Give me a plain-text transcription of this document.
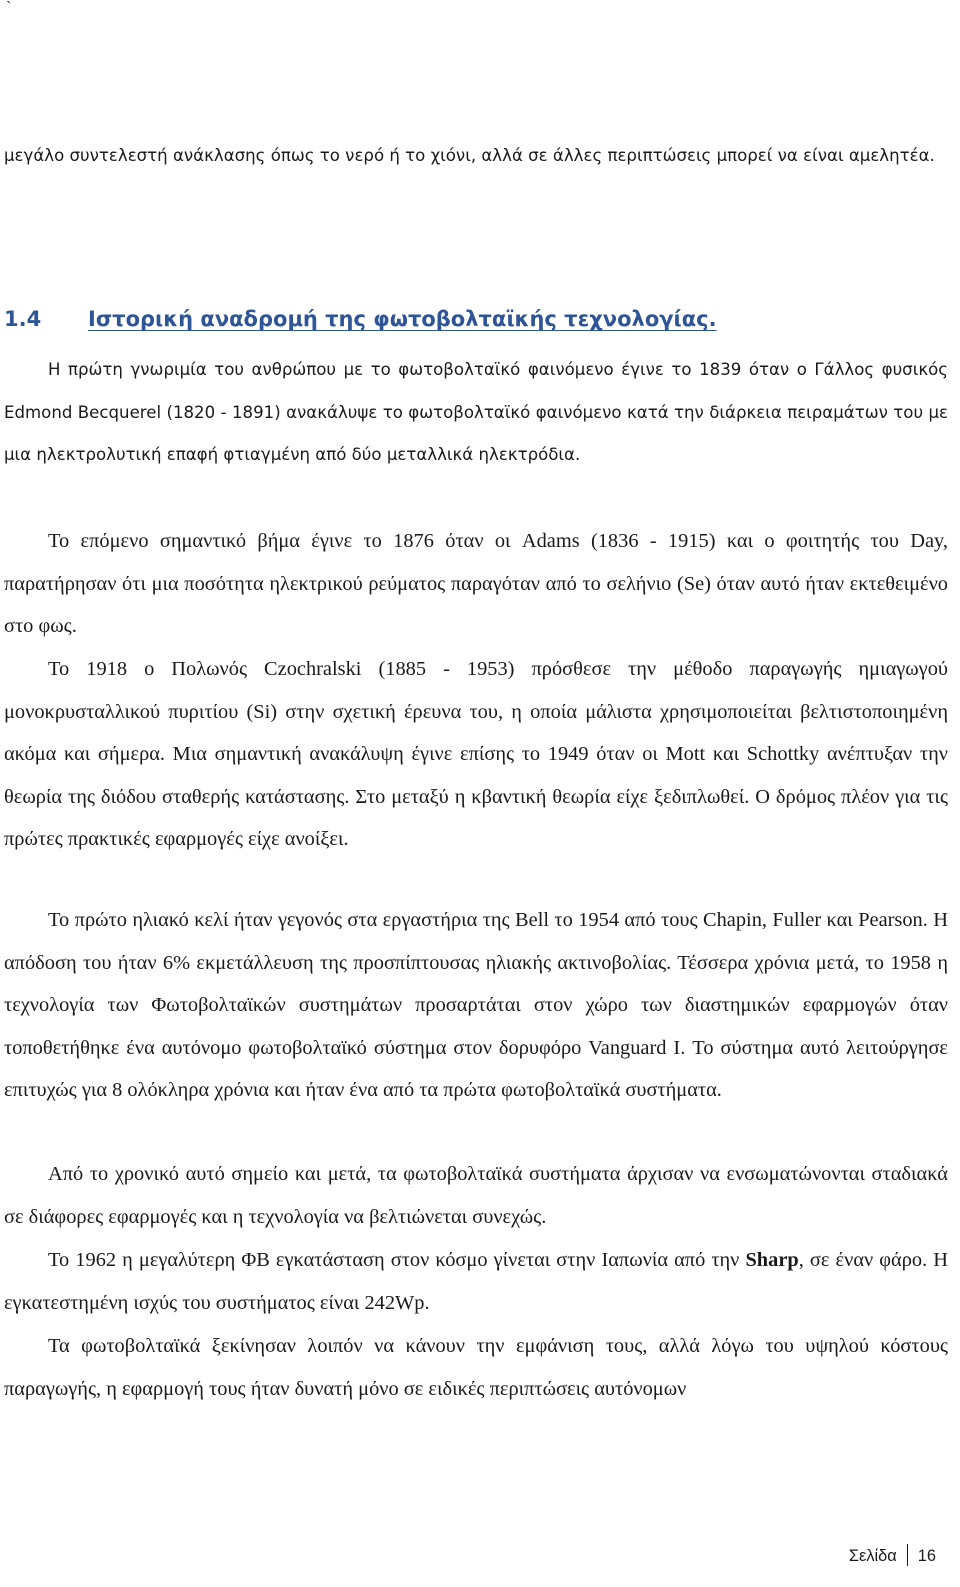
`

μεγάλο συντελεστή ανάκλασης όπως το νερό ή το χιόνι, αλλά σε άλλες περιπτώσεις μπορεί να είναι αμελητέα.

1.4 Ιστορική αναδρομή της φωτοβολταϊκής τεχνολογίας.

Η πρώτη γνωριμία του ανθρώπου με το φωτοβολταϊκό φαινόμενο έγινε το 1839 όταν ο Γάλλος φυσικός Edmond Becquerel (1820 - 1891) ανακάλυψε το φωτοβολταϊκό φαινόμενο κατά την διάρκεια πειραμάτων του με μια ηλεκτρολυτική επαφή φτιαγμένη από δύο μεταλλικά ηλεκτρόδια.

Το επόμενο σημαντικό βήμα έγινε το 1876 όταν οι Adams (1836 - 1915) και ο φοιτητής του Day, παρατήρησαν ότι μια ποσότητα ηλεκτρικού ρεύματος παραγόταν από το σελήνιο (Se) όταν αυτό ήταν εκτεθειμένο στο φως.

Το 1918 ο Πολωνός Czochralski (1885 - 1953) πρόσθεσε την μέθοδο παραγωγής ημιαγωγού μονοκρυσταλλικού πυριτίου (Si) στην σχετική έρευνα του, η οποία μάλιστα χρησιμοποιείται βελτιστοποιημένη ακόμα και σήμερα. Μια σημαντική ανακάλυψη έγινε επίσης το 1949 όταν οι Mott και Schottky ανέπτυξαν την θεωρία της διόδου σταθερής κατάστασης. Στο μεταξύ η κβαντική θεωρία είχε ξεδιπλωθεί. Ο δρόμος πλέον για τις πρώτες πρακτικές εφαρμογές είχε ανοίξει.

Το πρώτο ηλιακό κελί ήταν γεγονός στα εργαστήρια της Bell το 1954 από τους Chapin, Fuller και Pearson. Η απόδοση του ήταν 6% εκμετάλλευση της προσπίπτουσας ηλιακής ακτινοβολίας. Τέσσερα χρόνια μετά, το 1958 η τεχνολογία των Φωτοβολταϊκών συστημάτων προσαρτάται στον χώρο των διαστημικών εφαρμογών όταν τοποθετήθηκε ένα αυτόνομο φωτοβολταϊκό σύστημα στον δορυφόρο Vanguard I. Το σύστημα αυτό λειτούργησε επιτυχώς για 8 ολόκληρα χρόνια και ήταν ένα από τα πρώτα φωτοβολταϊκά συστήματα.

Από το χρονικό αυτό σημείο και μετά, τα φωτοβολταϊκά συστήματα άρχισαν να ενσωματώνονται σταδιακά σε διάφορες εφαρμογές και η τεχνολογία να βελτιώνεται συνεχώς.

Το 1962 η μεγαλύτερη ΦΒ εγκατάσταση στον κόσμο γίνεται στην Ιαπωνία από την Sharp, σε έναν φάρο. Η εγκατεστημένη ισχύς του συστήματος είναι 242Wp.

Τα φωτοβολταϊκά ξεκίνησαν λοιπόν να κάνουν την εμφάνιση τους, αλλά λόγω του υψηλού κόστους παραγωγής, η εφαρμογή τους ήταν δυνατή μόνο σε ειδικές περιπτώσεις αυτόνομων

Σελίδα 16
